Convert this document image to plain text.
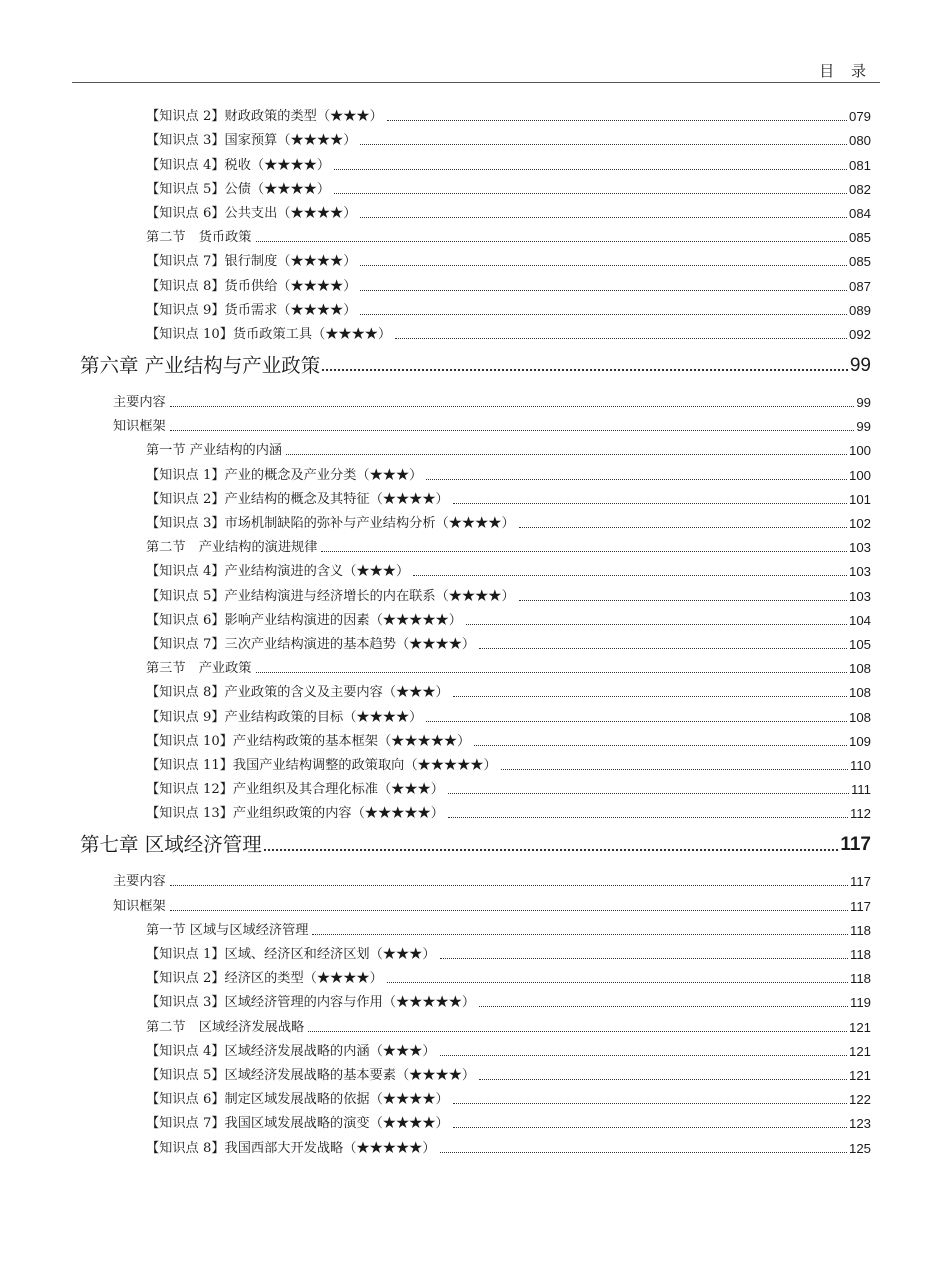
目 录
【知识点 2】财政政策的类型（★★★）	079
【知识点 3】国家预算（★★★★）	080
【知识点 4】税收（★★★★）	081
【知识点 5】公债（★★★★）	082
【知识点 6】公共支出（★★★★）	084
第二节　货币政策	085
【知识点 7】银行制度（★★★★）	085
【知识点 8】货币供给（★★★★）	087
【知识点 9】货币需求（★★★★）	089
【知识点 10】货币政策工具（★★★★）	092
第六章 产业结构与产业政策	99
主要内容	99
知识框架	99
第一节 产业结构的内涵	100
【知识点 1】产业的概念及产业分类（★★★）	100
【知识点 2】产业结构的概念及其特征（★★★★）	101
【知识点 3】市场机制缺陷的弥补与产业结构分析（★★★★）	102
第二节　产业结构的演进规律	103
【知识点 4】产业结构演进的含义（★★★）	103
【知识点 5】产业结构演进与经济增长的内在联系（★★★★）	103
【知识点 6】影响产业结构演进的因素（★★★★★）	104
【知识点 7】三次产业结构演进的基本趋势（★★★★）	105
第三节　产业政策	108
【知识点 8】产业政策的含义及主要内容（★★★）	108
【知识点 9】产业结构政策的目标（★★★★）	108
【知识点 10】产业结构政策的基本框架（★★★★★）	109
【知识点 11】我国产业结构调整的政策取向（★★★★★）	110
【知识点 12】产业组织及其合理化标准（★★★）	111
【知识点 13】产业组织政策的内容（★★★★★）	112
第七章 区域经济管理	117
主要内容	117
知识框架	117
第一节 区域与区域经济管理	118
【知识点 1】区域、经济区和经济区划（★★★）	118
【知识点 2】经济区的类型（★★★★）	118
【知识点 3】区域经济管理的内容与作用（★★★★★）	119
第二节　区域经济发展战略	121
【知识点 4】区域经济发展战略的内涵（★★★）	121
【知识点 5】区域经济发展战略的基本要素（★★★★）	121
【知识点 6】制定区域发展战略的依据（★★★★）	122
【知识点 7】我国区域发展战略的演变（★★★★）	123
【知识点 8】我国西部大开发战略（★★★★★）	125
